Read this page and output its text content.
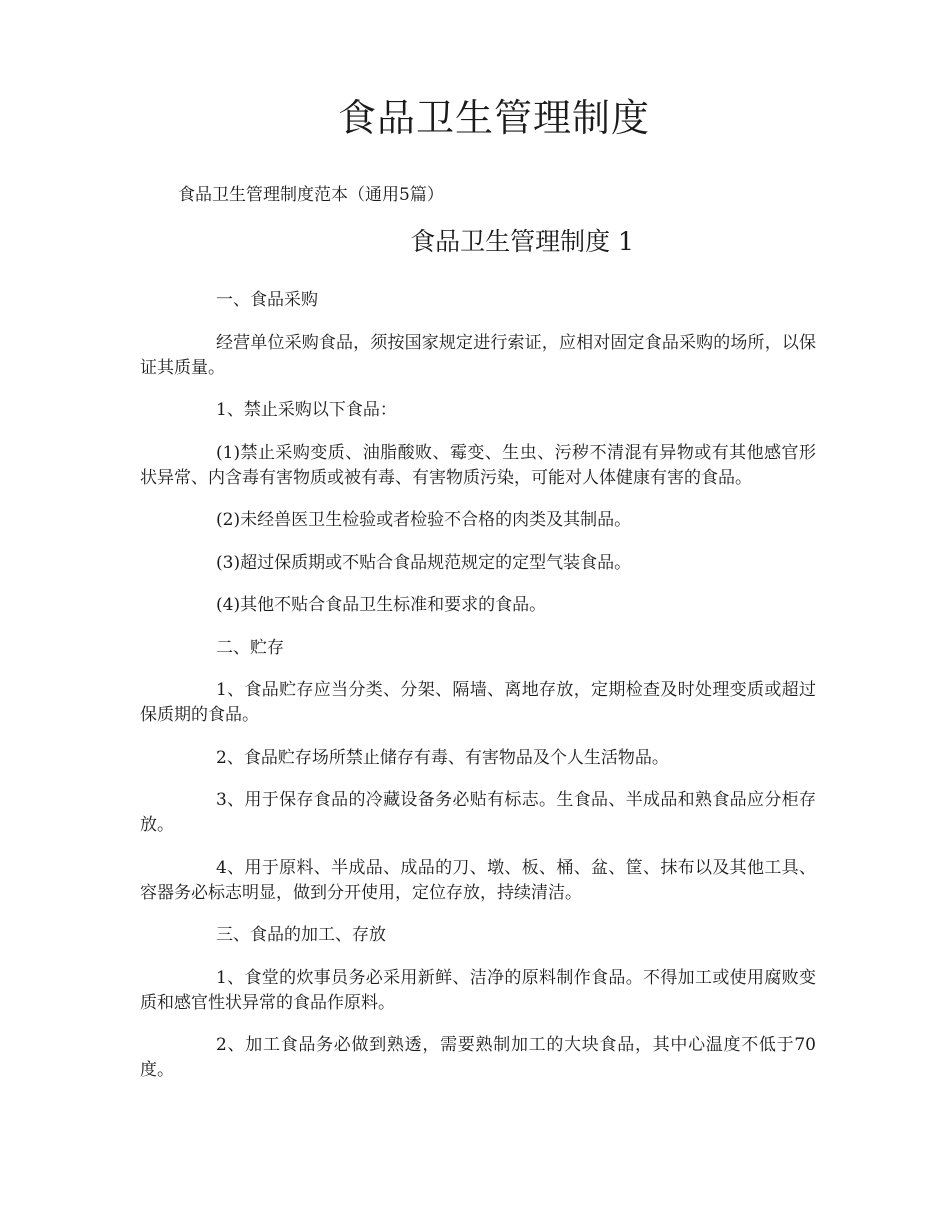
食品卫生管理制度

食品卫生管理制度范本（通用5篇）

食品卫生管理制度 1

一、食品采购

经营单位采购食品，须按国家规定进行索证，应相对固定食品采购的场所，以保证其质量。

1、禁止采购以下食品：

(1)禁止采购变质、油脂酸败、霉变、生虫、污秽不清混有异物或有其他感官形状异常、内含毒有害物质或被有毒、有害物质污染，可能对人体健康有害的食品。

(2)未经兽医卫生检验或者检验不合格的肉类及其制品。

(3)超过保质期或不贴合食品规范规定的定型气装食品。

(4)其他不贴合食品卫生标准和要求的食品。

二、贮存

1、食品贮存应当分类、分架、隔墙、离地存放，定期检查及时处理变质或超过保质期的食品。

2、食品贮存场所禁止储存有毒、有害物品及个人生活物品。

3、用于保存食品的冷藏设备务必贴有标志。生食品、半成品和熟食品应分柜存放。

4、用于原料、半成品、成品的刀、墩、板、桶、盆、筐、抹布以及其他工具、容器务必标志明显，做到分开使用，定位存放，持续清洁。

三、食品的加工、存放

1、食堂的炊事员务必采用新鲜、洁净的原料制作食品。不得加工或使用腐败变质和感官性状异常的食品作原料。

2、加工食品务必做到熟透，需要熟制加工的大块食品，其中心温度不低于70度。
